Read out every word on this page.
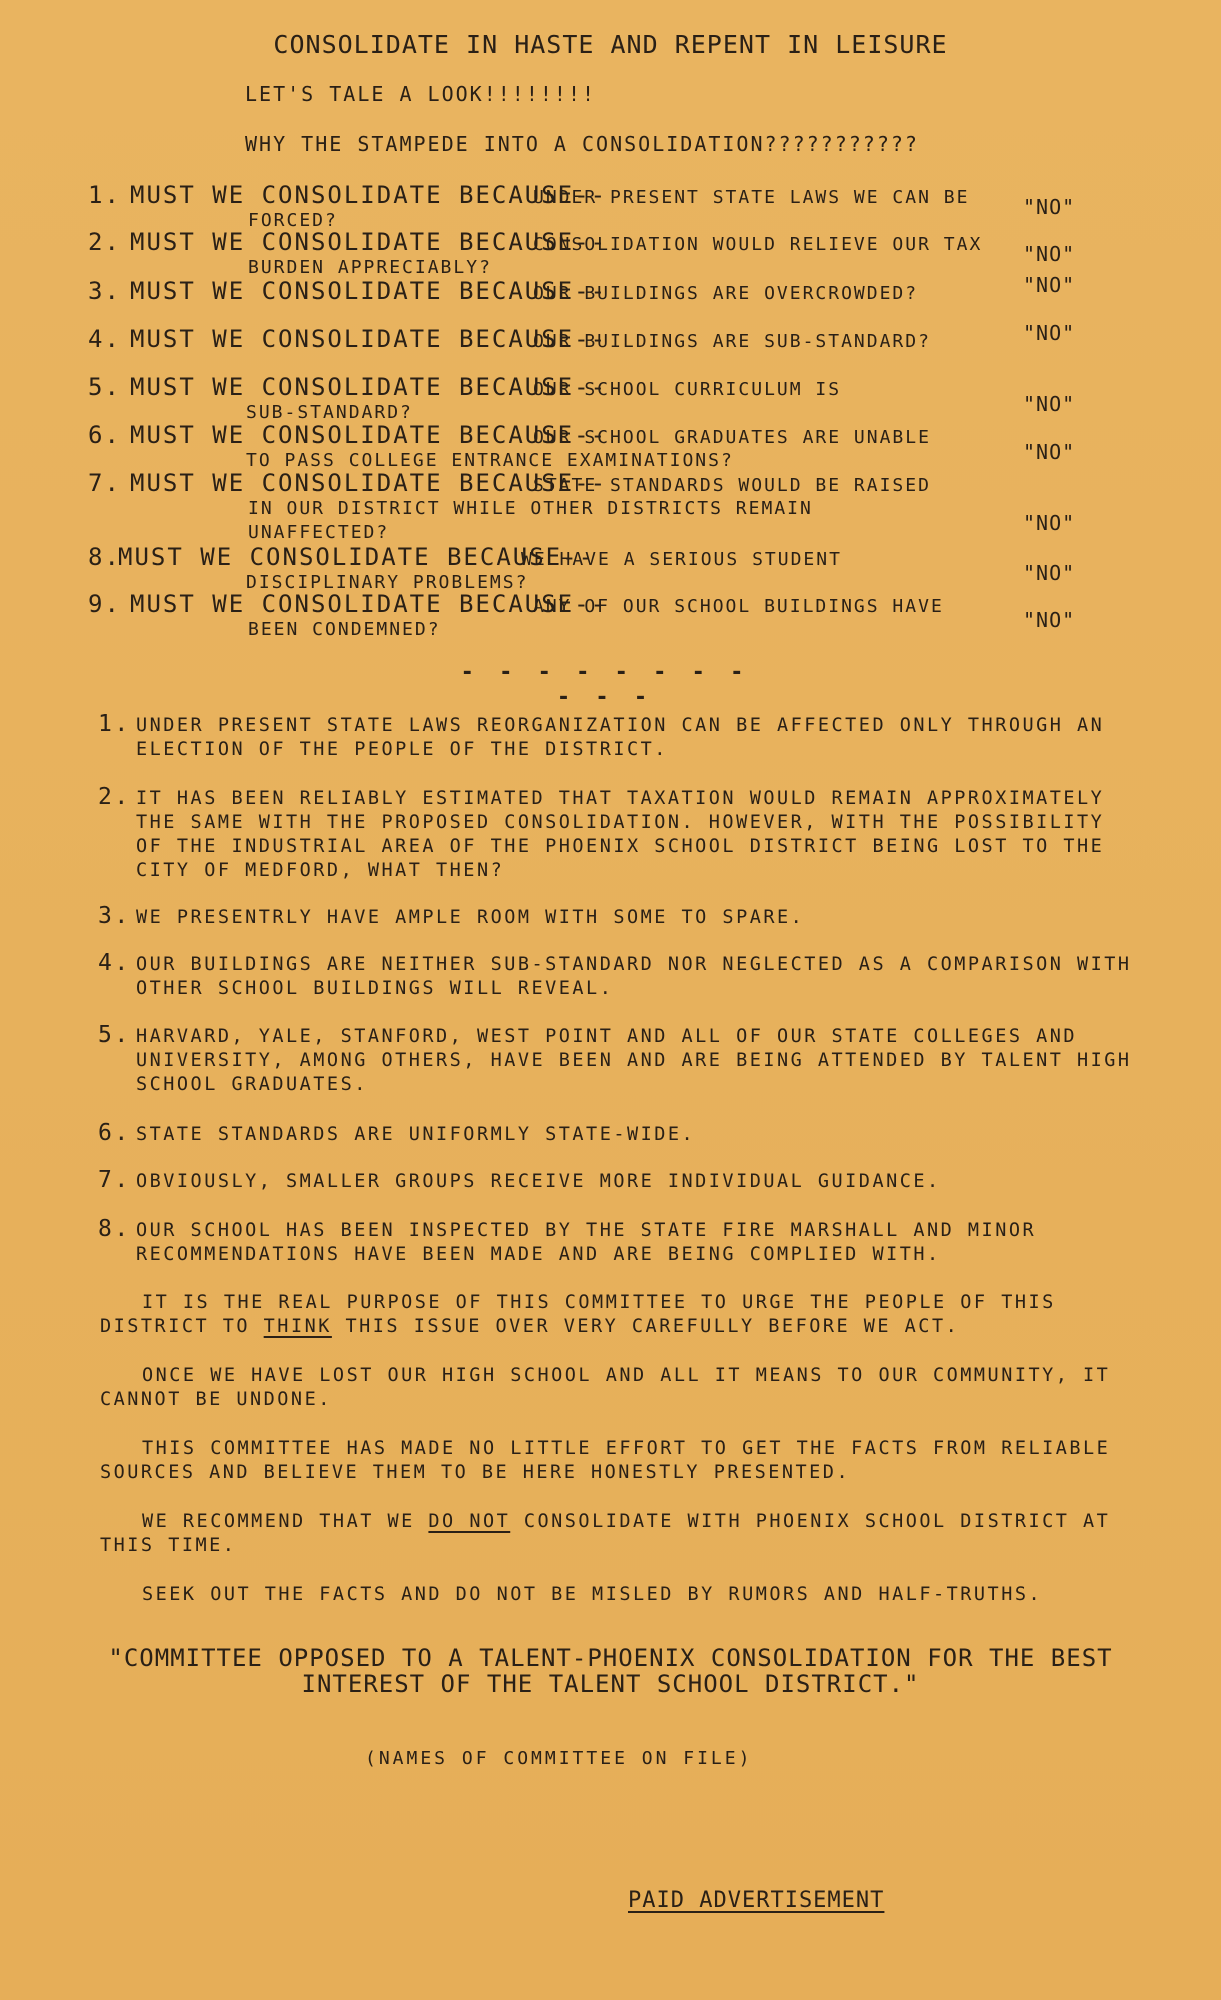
CONSOLIDATE IN HASTE AND REPENT IN LEISURE
LET'S TALE A LOOK!!!!!!!!
WHY THE STAMPEDE INTO A CONSOLIDATION???????????
1. MUST WE CONSOLIDATE BECAUSE--
UNDER PRESENT STATE LAWS WE CAN BE
FORCED?
"NO"
2. MUST WE CONSOLIDATE BECAUSE--
CONSOLIDATION WOULD RELIEVE OUR TAX
BURDEN APPRECIABLY?
"NO"
3. MUST WE CONSOLIDATE BECAUSE--
OUR BUILDINGS ARE OVERCROWDED?	"NO"
4. MUST WE CONSOLIDATE BECAUSE--
OUR BUILDINGS ARE SUB-STANDARD?	"NO"
5. MUST WE CONSOLIDATE BECAUSE--
OUR SCHOOL CURRICULUM IS
SUB-STANDARD?	"NO"
6. MUST WE CONSOLIDATE BECAUSE--
OUR SCHOOL GRADUATES ARE UNABLE
TO PASS COLLEGE ENTRANCE EXAMINATIONS?	"NO"
7. MUST WE CONSOLIDATE BECAUSE--
STATE STANDARDS WOULD BE RAISED
IN OUR DISTRICT WHILE OTHER DISTRICTS REMAIN
UNAFFECTED?	"NO"
8.
MUST WE CONSOLIDATE BECAUSE--
WE HAVE A SERIOUS STUDENT
DISCIPLINARY PROBLEMS?	"NO"
9. MUST WE CONSOLIDATE BECAUSE--
ANY OF OUR SCHOOL BUILDINGS HAVE
BEEN CONDEMNED?	"NO"
- - - - - - - - - - -
1. UNDER PRESENT STATE LAWS REORGANIZATION CAN BE AFFECTED ONLY THROUGH AN ELECTION OF THE PEOPLE OF THE DISTRICT.
2. IT HAS BEEN RELIABLY ESTIMATED THAT TAXATION WOULD REMAIN APPROXIMATELY THE SAME WITH THE PROPOSED CONSOLIDATION. HOWEVER, WITH THE POSSIBILITY OF THE INDUSTRIAL AREA OF THE PHOENIX SCHOOL DISTRICT BEING LOST TO THE CITY OF MEDFORD, WHAT THEN?
3. WE PRESENTRLY HAVE AMPLE ROOM WITH SOME TO SPARE.
4. OUR BUILDINGS ARE NEITHER SUB-STANDARD NOR NEGLECTED AS A COMPARISON WITH OTHER SCHOOL BUILDINGS WILL REVEAL.
5. HARVARD, YALE, STANFORD, WEST POINT AND ALL OF OUR STATE COLLEGES AND UNIVERSITY, AMONG OTHERS, HAVE BEEN AND ARE BEING ATTENDED BY TALENT HIGH SCHOOL GRADUATES.
6. STATE STANDARDS ARE UNIFORMLY STATE-WIDE.
7. OBVIOUSLY, SMALLER GROUPS RECEIVE MORE INDIVIDUAL GUIDANCE.
8. OUR SCHOOL HAS BEEN INSPECTED BY THE STATE FIRE MARSHALL AND MINOR RECOMMENDATIONS HAVE BEEN MADE AND ARE BEING COMPLIED WITH.
IT IS THE REAL PURPOSE OF THIS COMMITTEE TO URGE THE PEOPLE OF THIS DISTRICT TO THINK THIS ISSUE OVER VERY CAREFULLY BEFORE WE ACT.
ONCE WE HAVE LOST OUR HIGH SCHOOL AND ALL IT MEANS TO OUR COMMUNITY, IT CANNOT BE UNDONE.
THIS COMMITTEE HAS MADE NO LITTLE EFFORT TO GET THE FACTS FROM RELIABLE SOURCES AND BELIEVE THEM TO BE HERE HONESTLY PRESENTED.
WE RECOMMEND THAT WE DO NOT CONSOLIDATE WITH PHOENIX SCHOOL DISTRICT AT THIS TIME.
SEEK OUT THE FACTS AND DO NOT BE MISLED BY RUMORS AND HALF-TRUTHS.
"COMMITTEE OPPOSED TO A TALENT-PHOENIX CONSOLIDATION FOR THE BEST
INTEREST OF THE TALENT SCHOOL DISTRICT."
(NAMES OF COMMITTEE ON FILE)
PAID ADVERTISEMENT
